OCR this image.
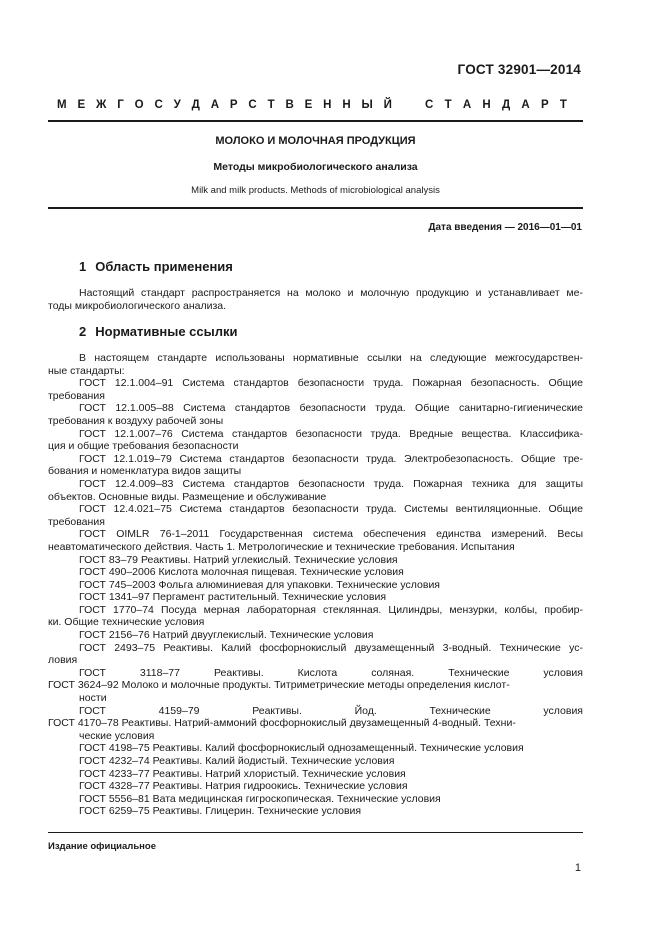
ГОСТ 32901—2014
М Е Ж Г О С У Д А Р С Т В Е Н Н Ы Й	С Т А Н Д А Р Т
МОЛОКО И МОЛОЧНАЯ ПРОДУКЦИЯ
Методы микробиологического анализа
Milk and milk products. Methods of microbiological analysis
Дата введения — 2016—01—01
1 Область применения
Настоящий стандарт распространяется на молоко и молочную продукцию и устанавливает ме-
тоды микробиологического анализа.
2 Нормативные ссылки
В настоящем стандарте использованы нормативные ссылки на следующие межгосударствен-
ные стандарты:
ГОСТ 12.1.004–91 Система стандартов безопасности труда. Пожарная безопасность. Общие
требования
ГОСТ 12.1.005–88 Система стандартов безопасности труда. Общие санитарно-гигиенические
требования к воздуху рабочей зоны
ГОСТ 12.1.007–76 Система стандартов безопасности труда. Вредные вещества. Классифика-
ция и общие требования безопасности
ГОСТ 12.1.019–79 Система стандартов безопасности труда. Электробезопасность. Общие тре-
бования и номенклатура видов защиты
ГОСТ 12.4.009–83 Система стандартов безопасности труда. Пожарная техника для защиты
объектов. Основные виды. Размещение и обслуживание
ГОСТ 12.4.021–75 Система стандартов безопасности труда. Системы вентиляционные. Общие
требования
ГОСТ OIMLR 76-1–2011 Государственная система обеспечения единства измерений. Весы
неавтоматического действия. Часть 1. Метрологические и технические требования. Испытания
ГОСТ 83–79 Реактивы. Натрий углекислый. Технические условия
ГОСТ 490–2006 Кислота молочная пищевая. Технические условия
ГОСТ 745–2003 Фольга алюминиевая для упаковки. Технические условия
ГОСТ 1341–97 Пергамент растительный. Технические условия
ГОСТ 1770–74 Посуда мерная лабораторная стеклянная. Цилиндры, мензурки, колбы, пробир-
ки. Общие технические условия
ГОСТ 2156–76 Натрий двууглекислый. Технические условия
ГОСТ 2493–75 Реактивы. Калий фосфорнокислый двузамещенный 3-водный. Технические ус-
ловия
ГОСТ 3118–77 Реактивы. Кислота соляная. Технические условия
ГОСТ 3624–92 Молоко и молочные продукты. Титриметрические методы определения кислот-
ности
ГОСТ 4159–79 Реактивы. Йод. Технические условия
ГОСТ 4170–78 Реактивы. Натрий-аммоний фосфорнокислый двузамещенный 4-водный. Техни-
ческие условия
ГОСТ 4198–75 Реактивы. Калий фосфорнокислый однозамещенный. Технические условия
ГОСТ 4232–74 Реактивы. Калий йодистый. Технические условия
ГОСТ 4233–77 Реактивы. Натрий хлористый. Технические условия
ГОСТ 4328–77 Реактивы. Натрия гидроокись. Технические условия
ГОСТ 5556–81 Вата медицинская гигроскопическая. Технические условия
ГОСТ 6259–75 Реактивы. Глицерин. Технические условия
Издание официальное
1
